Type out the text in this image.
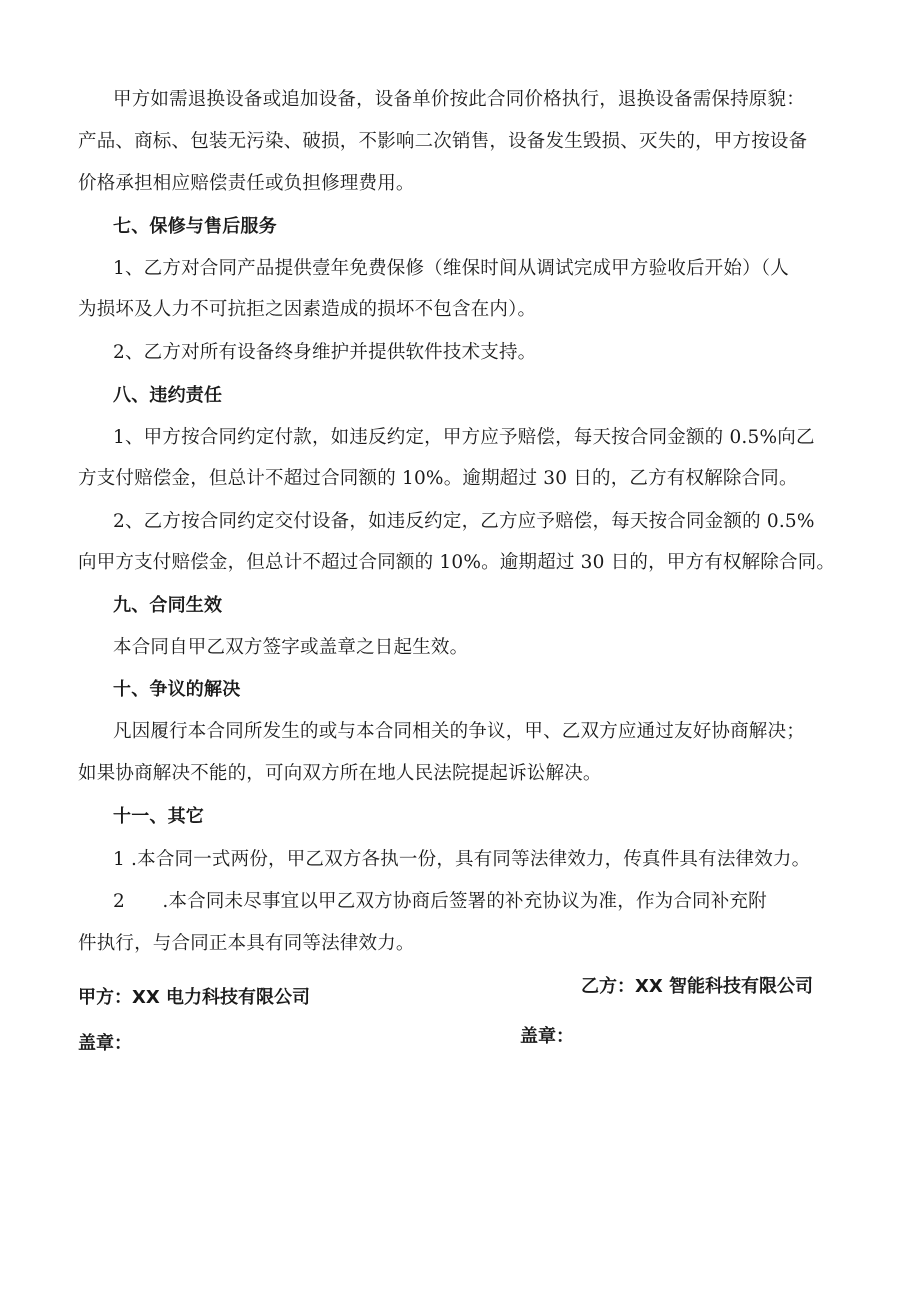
甲方如需退换设备或追加设备，设备单价按此合同价格执行，退换设备需保持原貌：
产品、商标、包装无污染、破损，不影响二次销售，设备发生毁损、灭失的，甲方按设备
价格承担相应赔偿责任或负担修理费用。
七、保修与售后服务
1、乙方对合同产品提供壹年免费保修（维保时间从调试完成甲方验收后开始）（人
为损坏及人力不可抗拒之因素造成的损坏不包含在内）。
2、乙方对所有设备终身维护并提供软件技术支持。
八、违约责任
1、甲方按合同约定付款，如违反约定，甲方应予赔偿，每天按合同金额的 0.5%向乙
方支付赔偿金，但总计不超过合同额的 10%。逾期超过 30 日的，乙方有权解除合同。
2、乙方按合同约定交付设备，如违反约定，乙方应予赔偿，每天按合同金额的 0.5%
向甲方支付赔偿金，但总计不超过合同额的 10%。逾期超过 30 日的，甲方有权解除合同。
九、合同生效
本合同自甲乙双方签字或盖章之日起生效。
十、争议的解决
凡因履行本合同所发生的或与本合同相关的争议，甲、乙双方应通过友好协商解决；
如果协商解决不能的，可向双方所在地人民法院提起诉讼解决。
十一、其它
1 .本合同一式两份，甲乙双方各执一份，具有同等法律效力，传真件具有法律效力。
2　　.本合同未尽事宜以甲乙双方协商后签署的补充协议为准，作为合同补充附
件执行，与合同正本具有同等法律效力。
甲方：XX 电力科技有限公司
乙方：XX 智能科技有限公司
盖章：	盖章：
